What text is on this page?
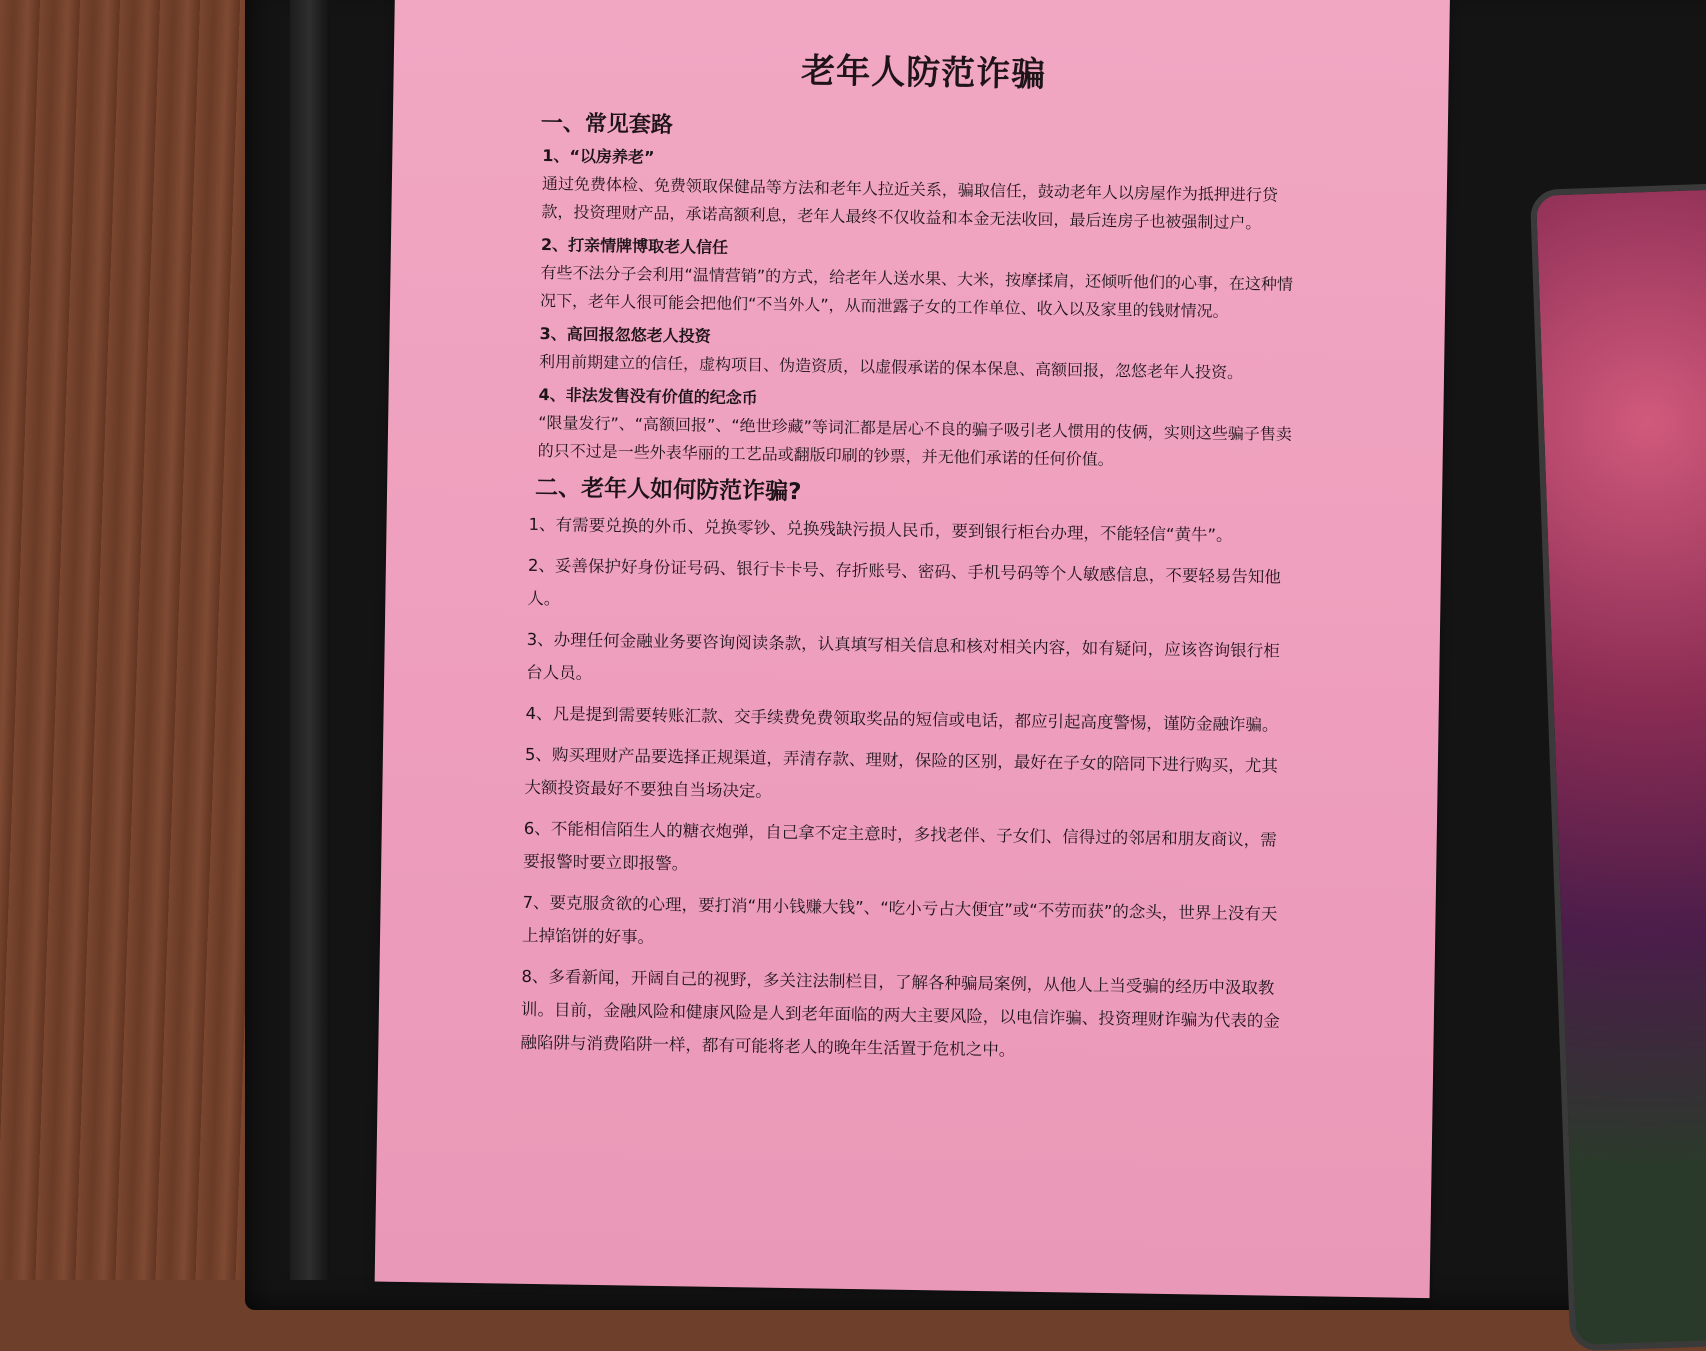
老年人防范诈骗
一、常见套路
1、“以房养老”

通过免费体检、免费领取保健品等方法和老年人拉近关系，骗取信任，鼓动老年人以房屋作为抵押进行贷款，投资理财产品，承诺高额利息，老年人最终不仅收益和本金无法收回，最后连房子也被强制过户。

2、打亲情牌博取老人信任

有些不法分子会利用“温情营销”的方式，给老年人送水果、大米，按摩揉肩，还倾听他们的心事，在这种情况下，老年人很可能会把他们“不当外人”，从而泄露子女的工作单位、收入以及家里的钱财情况。

3、高回报忽悠老人投资

利用前期建立的信任，虚构项目、伪造资质，以虚假承诺的保本保息、高额回报，忽悠老年人投资。

4、非法发售没有价值的纪念币

“限量发行”、“高额回报”、“绝世珍藏”等词汇都是居心不良的骗子吸引老人惯用的伎俩，实则这些骗子售卖的只不过是一些外表华丽的工艺品或翻版印刷的钞票，并无他们承诺的任何价值。

二、老年人如何防范诈骗?

1、有需要兑换的外币、兑换零钞、兑换残缺污损人民币，要到银行柜台办理，不能轻信“黄牛”。

2、妥善保护好身份证号码、银行卡卡号、存折账号、密码、手机号码等个人敏感信息，不要轻易告知他人。

3、办理任何金融业务要咨询阅读条款，认真填写相关信息和核对相关内容，如有疑问，应该咨询银行柜台人员。

4、凡是提到需要转账汇款、交手续费免费领取奖品的短信或电话，都应引起高度警惕，谨防金融诈骗。

5、购买理财产品要选择正规渠道，弄清存款、理财，保险的区别，最好在子女的陪同下进行购买，尤其大额投资最好不要独自当场决定。

6、不能相信陌生人的糖衣炮弹，自己拿不定主意时，多找老伴、子女们、信得过的邻居和朋友商议，需要报警时要立即报警。

7、要克服贪欲的心理，要打消“用小钱赚大钱”、“吃小亏占大便宜”或“不劳而获”的念头，世界上没有天上掉馅饼的好事。

8、多看新闻，开阔自己的视野，多关注法制栏目，了解各种骗局案例，从他人上当受骗的经历中汲取教训。目前，金融风险和健康风险是人到老年面临的两大主要风险，以电信诈骗、投资理财诈骗为代表的金融陷阱与消费陷阱一样，都有可能将老人的晚年生活置于危机之中。
